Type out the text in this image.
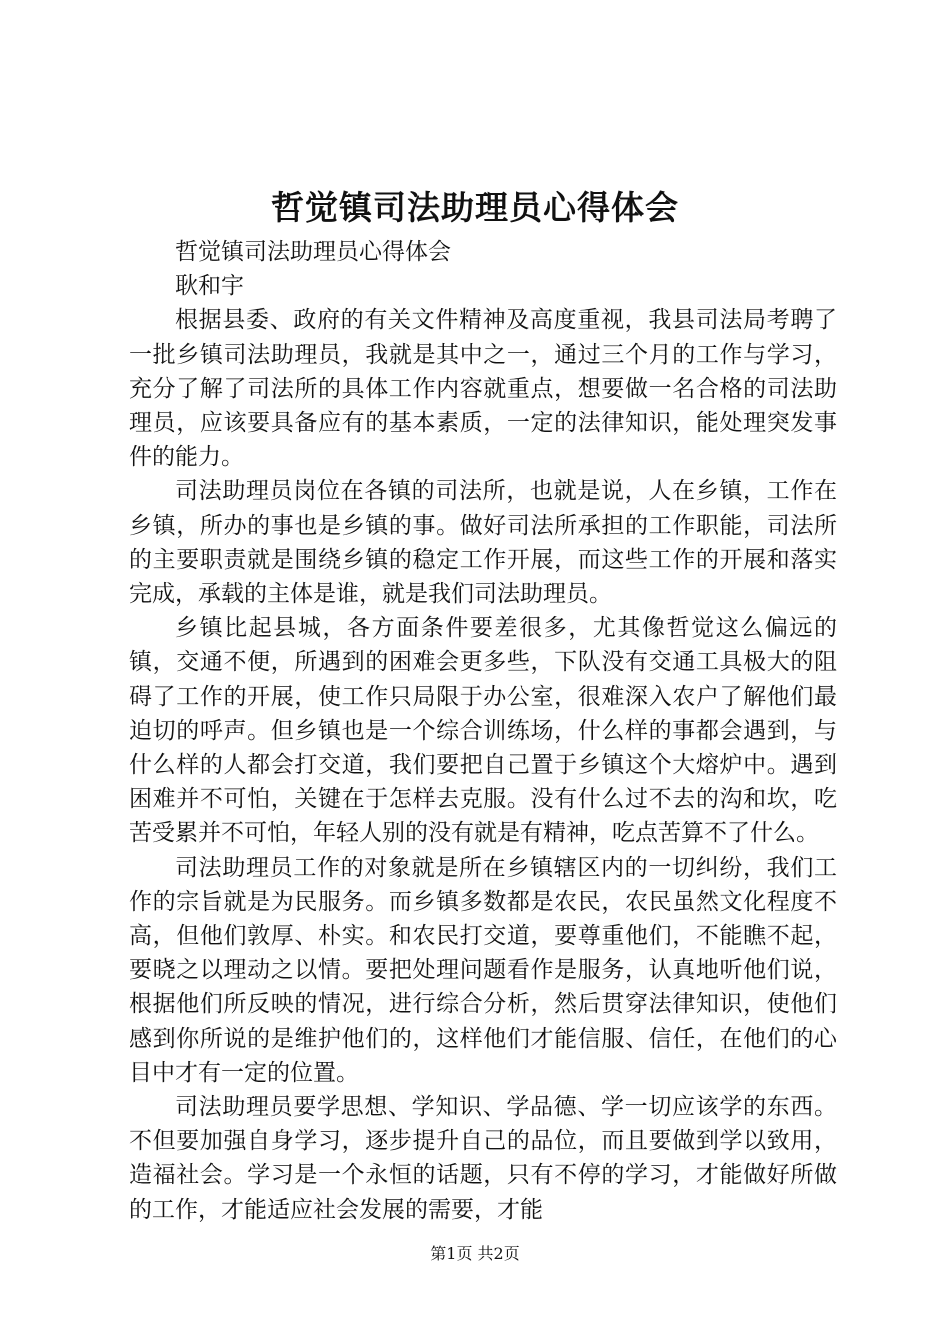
哲觉镇司法助理员心得体会

哲觉镇司法助理员心得体会

耿和宇

根据县委、政府的有关文件精神及高度重视，我县司法局考聘了一批乡镇司法助理员，我就是其中之一，通过三个月的工作与学习，充分了解了司法所的具体工作内容就重点，想要做一名合格的司法助理员，应该要具备应有的基本素质，一定的法律知识，能处理突发事件的能力。

司法助理员岗位在各镇的司法所，也就是说，人在乡镇，工作在乡镇，所办的事也是乡镇的事。做好司法所承担的工作职能，司法所的主要职责就是围绕乡镇的稳定工作开展，而这些工作的开展和落实完成，承载的主体是谁，就是我们司法助理员。

乡镇比起县城，各方面条件要差很多，尤其像哲觉这么偏远的镇，交通不便，所遇到的困难会更多些，下队没有交通工具极大的阻碍了工作的开展，使工作只局限于办公室，很难深入农户了解他们最迫切的呼声。但乡镇也是一个综合训练场，什么样的事都会遇到，与什么样的人都会打交道，我们要把自己置于乡镇这个大熔炉中。遇到困难并不可怕，关键在于怎样去克服。没有什么过不去的沟和坎，吃苦受累并不可怕，年轻人别的没有就是有精神，吃点苦算不了什么。

司法助理员工作的对象就是所在乡镇辖区内的一切纠纷，我们工作的宗旨就是为民服务。而乡镇多数都是农民，农民虽然文化程度不高，但他们敦厚、朴实。和农民打交道，要尊重他们，不能瞧不起，要晓之以理动之以情。要把处理问题看作是服务，认真地听他们说，根据他们所反映的情况，进行综合分析，然后贯穿法律知识，使他们感到你所说的是维护他们的，这样他们才能信服、信任，在他们的心目中才有一定的位置。

司法助理员要学思想、学知识、学品德、学一切应该学的东西。不但要加强自身学习，逐步提升自己的品位，而且要做到学以致用，造福社会。学习是一个永恒的话题，只有不停的学习，才能做好所做的工作，才能适应社会发展的需要，才能

第1页 共2页
